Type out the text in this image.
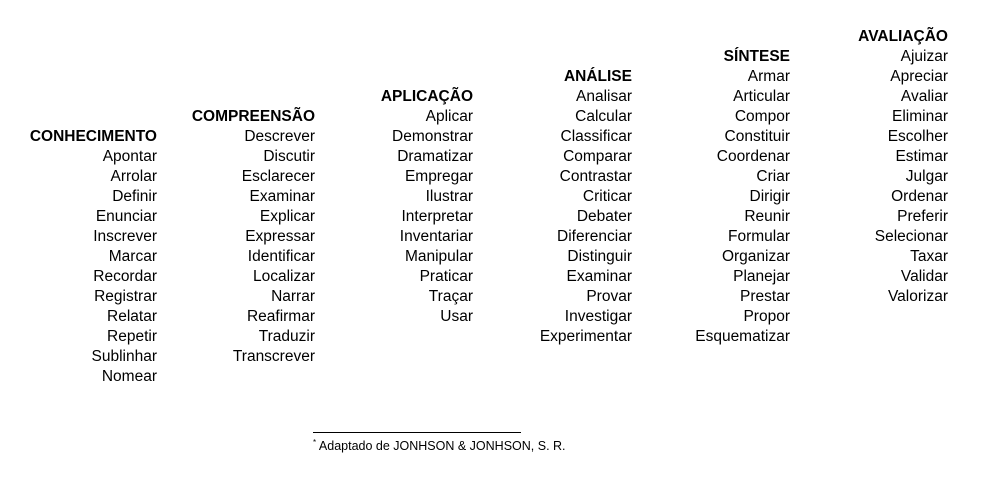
CONHECIMENTO
Apontar
Arrolar
Definir
Enunciar
Inscrever
Marcar
Recordar
Registrar
Relatar
Repetir
Sublinhar
Nomear
COMPREENSÃO
Descrever
Discutir
Esclarecer
Examinar
Explicar
Expressar
Identificar
Localizar
Narrar
Reafirmar
Traduzir
Transcrever
APLICAÇÃO
Aplicar
Demonstrar
Dramatizar
Empregar
Ilustrar
Interpretar
Inventariar
Manipular
Praticar
Traçar
Usar
ANÁLISE
Analisar
Calcular
Classificar
Comparar
Contrastar
Criticar
Debater
Diferenciar
Distinguir
Examinar
Provar
Investigar
Experimentar
SÍNTESE
Armar
Articular
Compor
Constituir
Coordenar
Criar
Dirigir
Reunir
Formular
Organizar
Planejar
Prestar
Propor
Esquematizar
AVALIAÇÃO
Ajuizar
Apreciar
Avaliar
Eliminar
Escolher
Estimar
Julgar
Ordenar
Preferir
Selecionar
Taxar
Validar
Valorizar
* Adaptado de JONHSON & JONHSON, S. R.
